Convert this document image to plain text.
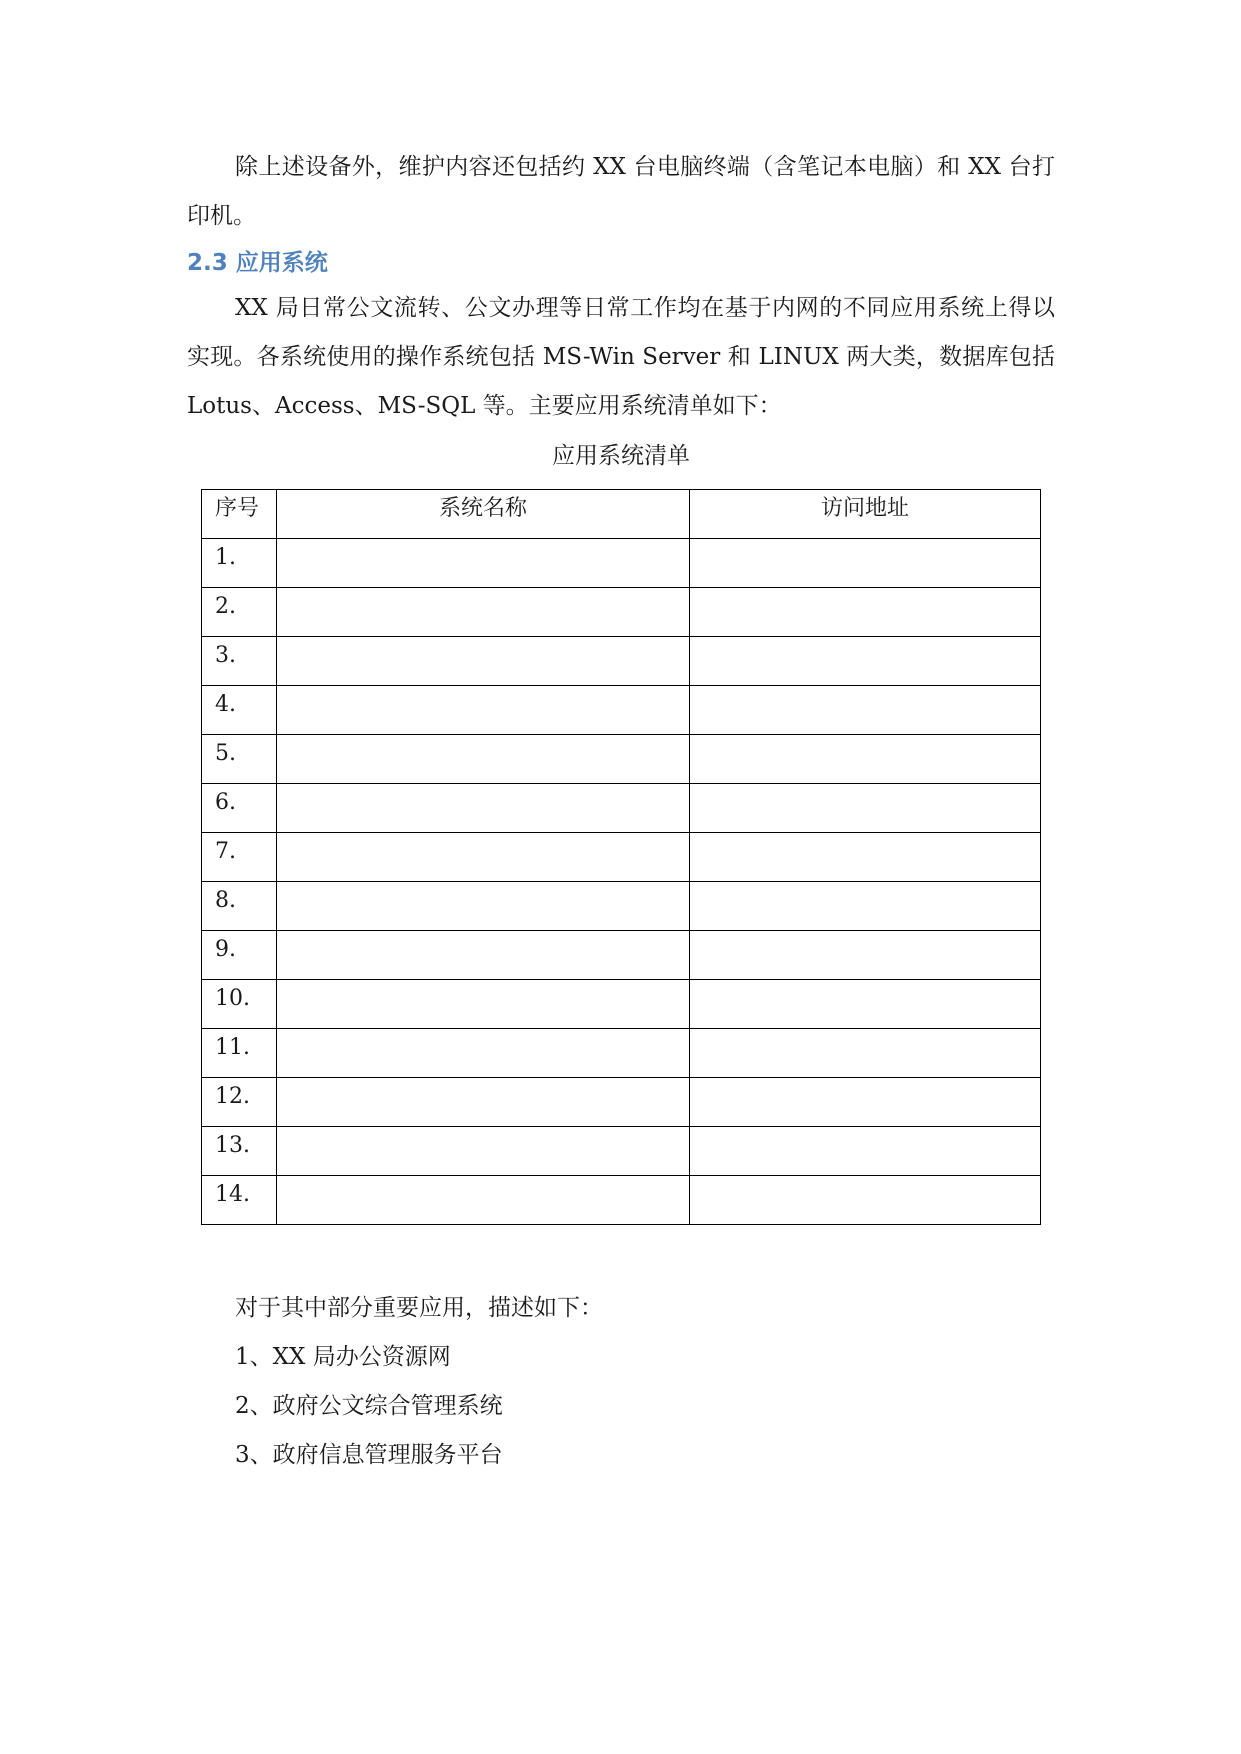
除上述设备外，维护内容还包括约 XX 台电脑终端（含笔记本电脑）和 XX 台打印机。

2.3 应用系统

XX 局日常公文流转、公文办理等日常工作均在基于内网的不同应用系统上得以实现。各系统使用的操作系统包括 MS-Win Server 和 LINUX 两大类，数据库包括 Lotus、Access、MS-SQL 等。主要应用系统清单如下：

应用系统清单
序号	系统名称	访问地址
1.		
2.		
3.		
4.		
5.		
6.		
7.		
8.		
9.		
10.		
11.		
12.		
13.		
14.		

对于其中部分重要应用，描述如下：

1、XX 局办公资源网

2、政府公文综合管理系统

3、政府信息管理服务平台
